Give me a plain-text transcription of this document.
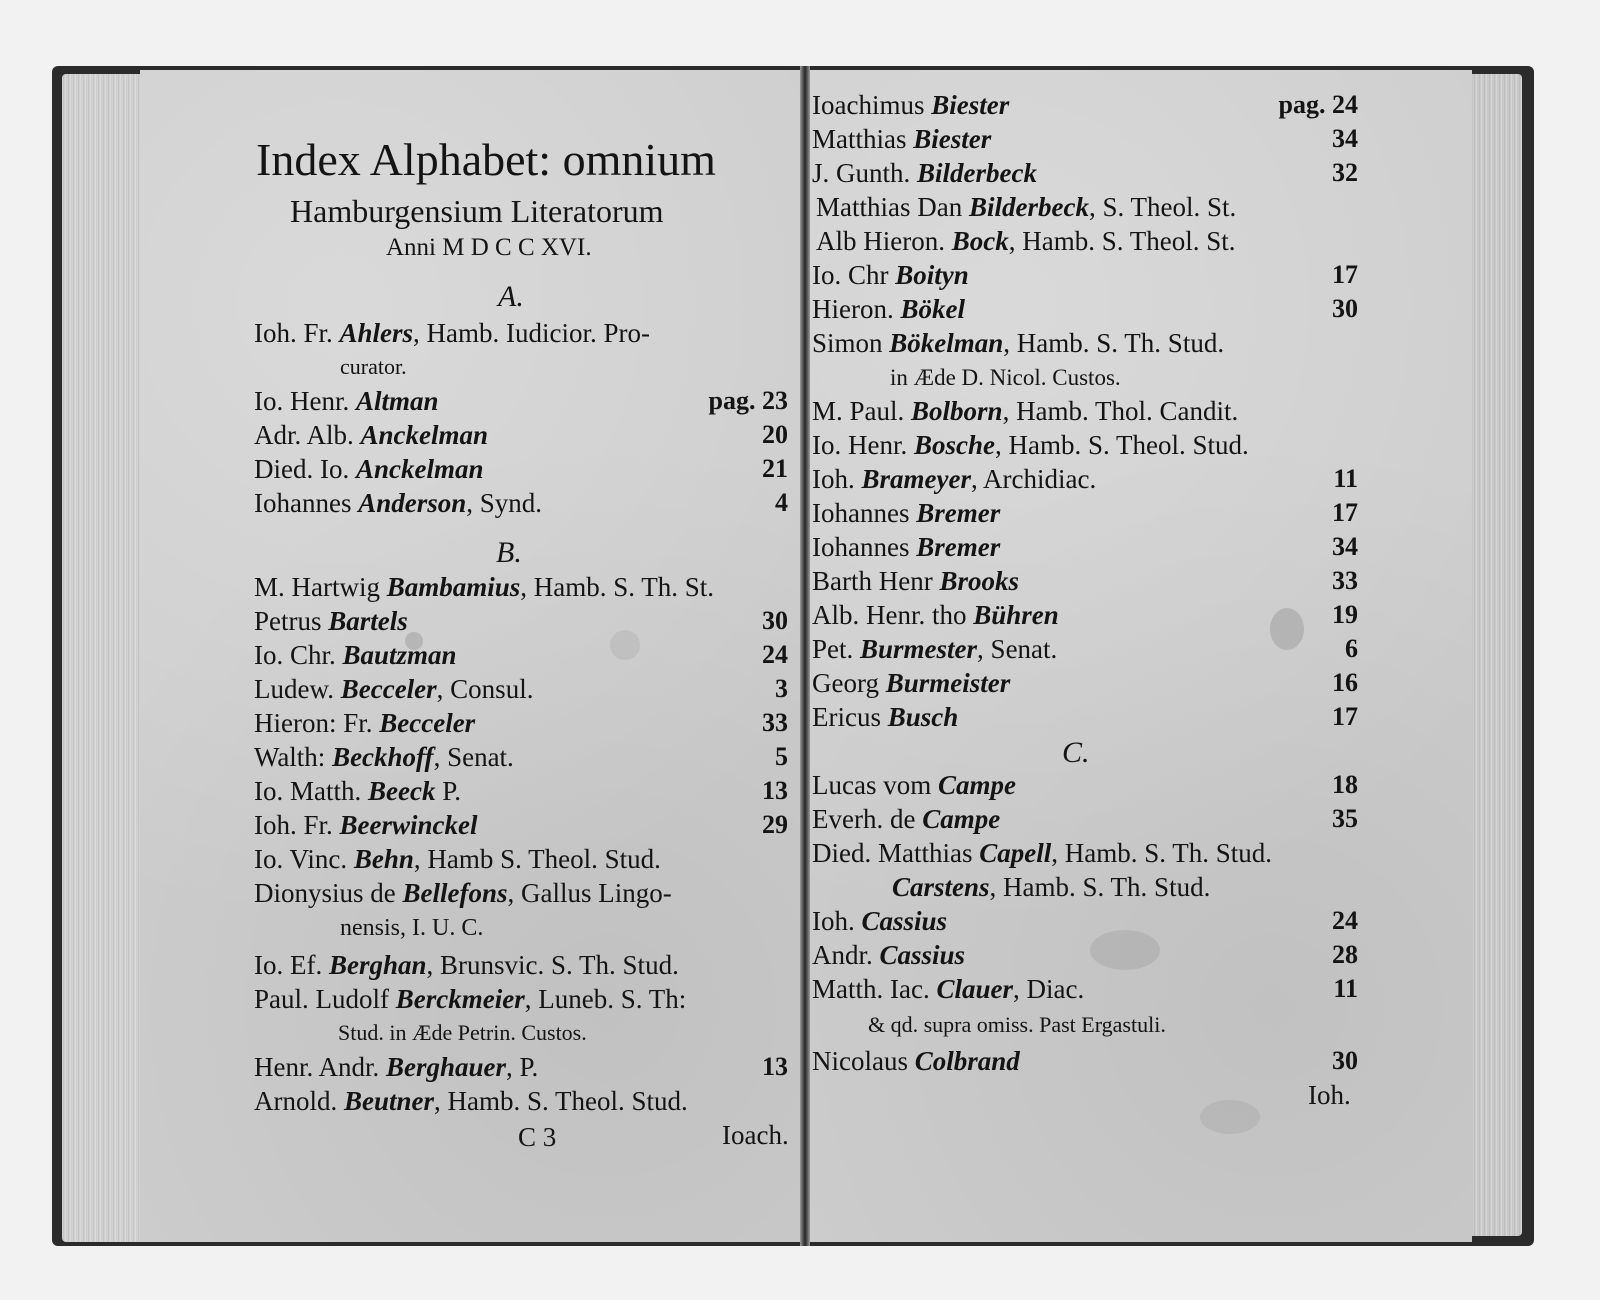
Index Alphabet: omnium
Hamburgensium Literatorum
Anni M D C C XVI.
A.
B.
Ioh. Fr. Ahlers, Hamb. Iudicior. Pro-
curator.
Io. Henr. Altman	pag. 23
Adr. Alb. Anckelman	20
Died. Io. Anckelman	21
Iohannes Anderson, Synd.	4
M. Hartwig Bambamius, Hamb. S. Th. St.
Petrus Bartels	30
Io. Chr. Bautzman	24
Ludew. Becceler, Consul.	3
Hieron: Fr. Becceler	33
Walth: Beckhoff, Senat.	5
Io. Matth. Beeck P.	13
Ioh. Fr. Beerwinckel	29
Io. Vinc. Behn, Hamb S. Theol. Stud.
Dionysius de Bellefons, Gallus Lingo-
nensis, I. U. C.
Io. Ef. Berghan, Brunsvic. S. Th. Stud.
Paul. Ludolf Berckmeier, Luneb. S. Th:
Stud. in Æde Petrin. Custos.
Henr. Andr. Berghauer, P.	13
Arnold. Beutner, Hamb. S. Theol. Stud.
C 3	Ioach.
Ioachimus Biester	pag. 24
Matthias Biester	34
J. Gunth. Bilderbeck	32
Matthias Dan Bilderbeck, S. Theol. St.
Alb Hieron. Bock, Hamb. S. Theol. St.
Io. Chr Boityn	17
Hieron. Bökel	30
Simon Bökelman, Hamb. S. Th. Stud.
in Æde D. Nicol. Custos.
M. Paul. Bolborn, Hamb. Thol. Candit.
Io. Henr. Bosche, Hamb. S. Theol. Stud.
Ioh. Brameyer, Archidiac.	11
Iohannes Bremer	17
Iohannes Bremer	34
Barth Henr Brooks	33
Alb. Henr. tho Bühren	19
Pet. Burmester, Senat.	6
Georg Burmeister	16
Ericus Busch	17
C.
Lucas vom Campe	18
Everh. de Campe	35
Died. Matthias Capell, Hamb. S. Th. Stud.
Carstens, Hamb. S. Th. Stud.
Ioh. Cassius	24
Andr. Cassius	28
Matth. Iac. Clauer, Diac.	11
& qd. supra omiss. Past Ergastuli.
Nicolaus Colbrand	30
Ioh.
